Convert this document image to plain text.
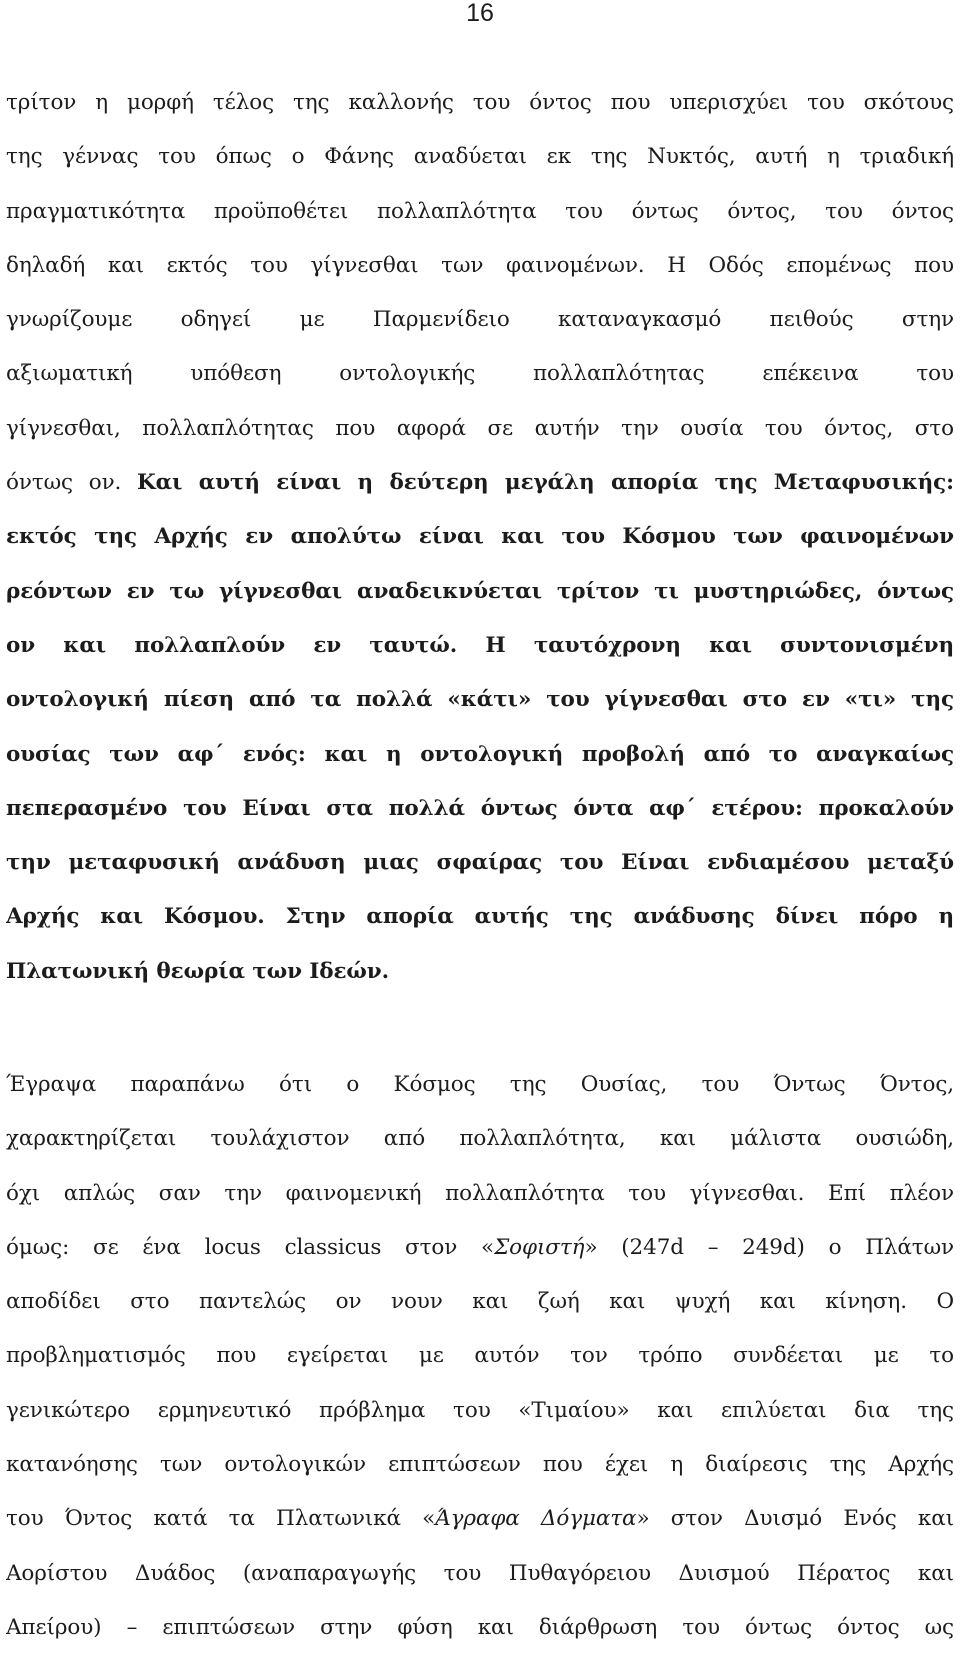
16
τρίτον η μορφή τέλος της καλλονής του όντος που υπερισχύει του σκότους
της γέννας του όπως ο Φάνης αναδύεται εκ της Νυκτός, αυτή η τριαδική
πραγματικότητα προϋποθέτει πολλαπλότητα του όντως όντος, του όντος
δηλαδή και εκτός του γίγνεσθαι των φαινομένων. Η Οδός επομένως που
γνωρίζουμε οδηγεί με Παρμενίδειο καταναγκασμό πειθούς στην
αξιωματική υπόθεση οντολογικής πολλαπλότητας επέκεινα του
γίγνεσθαι, πολλαπλότητας που αφορά σε αυτήν την ουσία του όντος, στο
όντως ον. Και αυτή είναι η δεύτερη μεγάλη απορία της Μεταφυσικής:
εκτός της Αρχής εν απολύτω είναι και του Κόσμου των φαινομένων
ρεόντων εν τω γίγνεσθαι αναδεικνύεται τρίτον τι μυστηριώδες, όντως
ον και πολλαπλούν εν ταυτώ. Η ταυτόχρονη και συντονισμένη
οντολογική πίεση από τα πολλά «κάτι» του γίγνεσθαι στο εν «τι» της
ουσίας των αφ΄ ενός: και η οντολογική προβολή από το αναγκαίως
πεπερασμένο του Είναι στα πολλά όντως όντα αφ΄ ετέρου: προκαλούν
την μεταφυσική ανάδυση μιας σφαίρας του Είναι ενδιαμέσου μεταξύ
Αρχής και Κόσμου. Στην απορία αυτής της ανάδυσης δίνει πόρο η
Πλατωνική θεωρία των Ιδεών.
Έγραψα παραπάνω ότι ο Κόσμος της Ουσίας, του Όντως Όντος,
χαρακτηρίζεται τουλάχιστον από πολλαπλότητα, και μάλιστα ουσιώδη,
όχι απλώς σαν την φαινομενική πολλαπλότητα του γίγνεσθαι. Επί πλέον
όμως: σε ένα locus classicus στον «Σοφιστή» (247d – 249d) ο Πλάτων
αποδίδει στο παντελώς ον νουν και ζωή και ψυχή και κίνηση. Ο
προβληματισμός που εγείρεται με αυτόν τον τρόπο συνδέεται με το
γενικώτερο ερμηνευτικό πρόβλημα του «Τιμαίου» και επιλύεται δια της
κατανόησης των οντολογικών επιπτώσεων που έχει η διαίρεσις της Αρχής
του Όντος κατά τα Πλατωνικά «Άγραφα Δόγματα» στον Δυισμό Ενός και
Αορίστου Δυάδος (αναπαραγωγής του Πυθαγόρειου Δυισμού Πέρατος και
Απείρου) – επιπτώσεων στην φύση και διάρθρωση του όντως όντος ως
